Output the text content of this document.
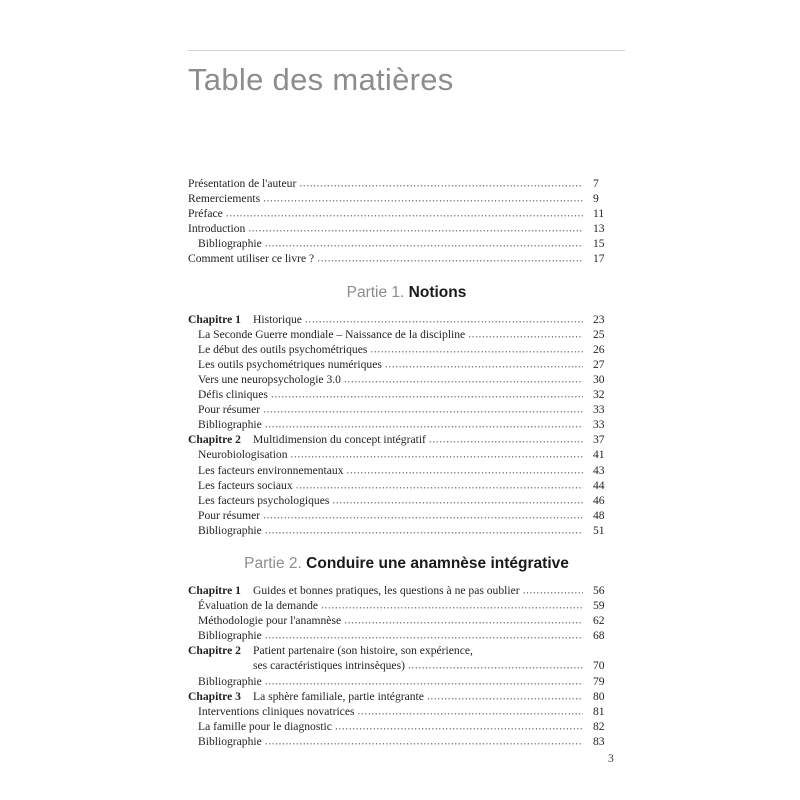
Table des matières
Présentation de l'auteur .....	7
Remerciements .....	9
Préface .....	11
Introduction .....	13
Bibliographie .....	15
Comment utiliser ce livre ? .....	17
Partie 1. Notions
Chapitre 1	Historique .....	23
La Seconde Guerre mondiale – Naissance de la discipline .....	25
Le début des outils psychométriques .....	26
Les outils psychométriques numériques .....	27
Vers une neuropsychologie 3.0 .....	30
Défis cliniques .....	32
Pour résumer .....	33
Bibliographie .....	33
Chapitre 2	Multidimension du concept intégratif .....	37
Neurobiologisation .....	41
Les facteurs environnementaux .....	43
Les facteurs sociaux .....	44
Les facteurs psychologiques .....	46
Pour résumer .....	48
Bibliographie .....	51
Partie 2. Conduire une anamnèse intégrative
Chapitre 1	Guides et bonnes pratiques, les questions à ne pas oublier .....	56
Évaluation de la demande .....	59
Méthodologie pour l'anamnèse .....	62
Bibliographie .....	68
Chapitre 2	Patient partenaire (son histoire, son expérience,
ses caractéristiques intrinsèques) .....	70
Bibliographie .....	79
Chapitre 3	La sphère familiale, partie intégrante .....	80
Interventions cliniques novatrices .....	81
La famille pour le diagnostic .....	82
Bibliographie .....	83
3
